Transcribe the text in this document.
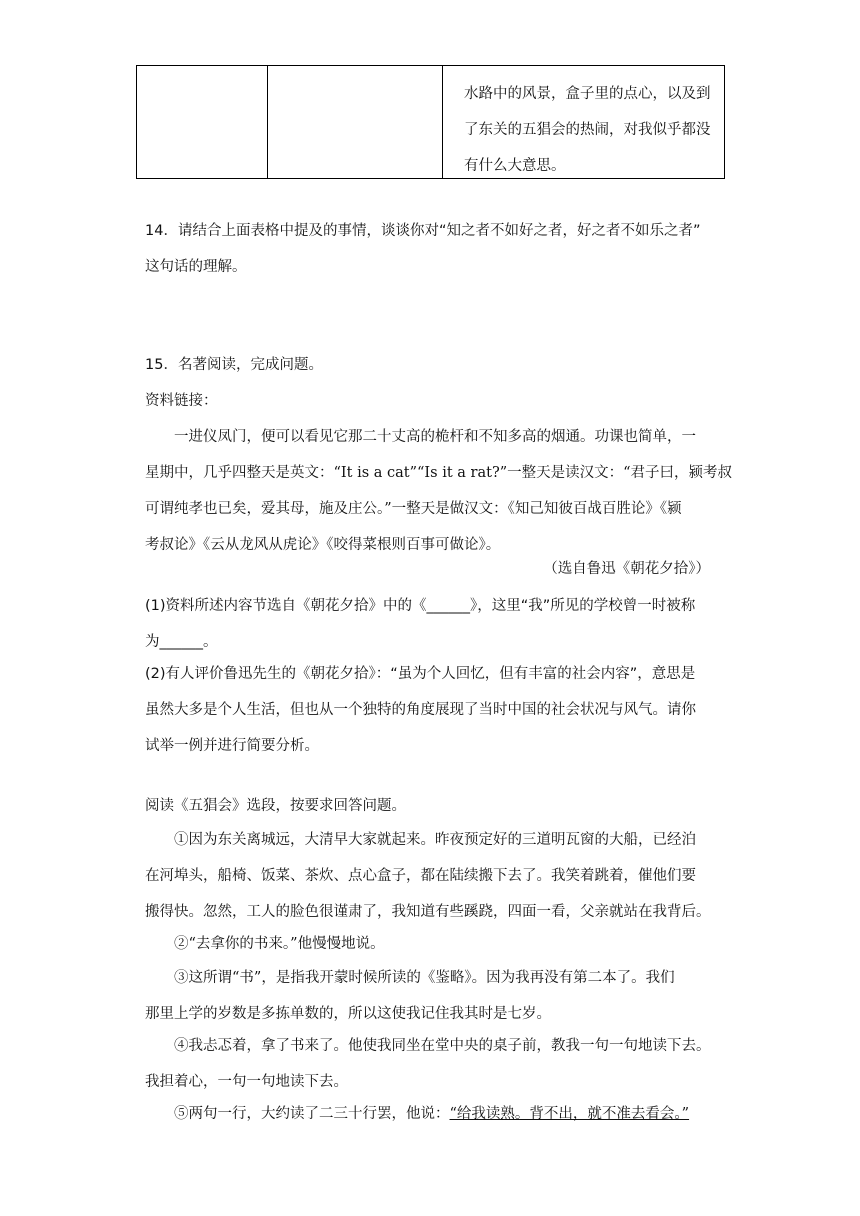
水路中的风景，盒子里的点心，以及到
了东关的五猖会的热闹，对我似乎都没
有什么大意思。
14．请结合上面表格中提及的事情，谈谈你对“知之者不如好之者，好之者不如乐之者”
这句话的理解。
15．名著阅读，完成问题。
资料链接：
一进仪凤门，便可以看见它那二十丈高的桅杆和不知多高的烟通。功课也简单，一
星期中，几乎四整天是英文：“It is a cat”“Is it a rat?”一整天是读汉文：“君子曰，颍考叔
可谓纯孝也已矣，爱其母，施及庄公。”一整天是做汉文：《知己知彼百战百胜论》《颍
考叔论》《云从龙风从虎论》《咬得菜根则百事可做论》。
（选自鲁迅《朝花夕拾》）
(1)资料所述内容节选自《朝花夕拾》中的《______》，这里“我”所见的学校曾一时被称
为______。
(2)有人评价鲁迅先生的《朝花夕拾》：“虽为个人回忆，但有丰富的社会内容”，意思是
虽然大多是个人生活，但也从一个独特的角度展现了当时中国的社会状况与风气。请你
试举一例并进行简要分析。
阅读《五猖会》选段，按要求回答问题。
①因为东关离城远，大清早大家就起来。昨夜预定好的三道明瓦窗的大船，已经泊
在河埠头，船椅、饭菜、茶炊、点心盒子，都在陆续搬下去了。我笑着跳着，催他们要
搬得快。忽然，工人的脸色很谨肃了，我知道有些蹊跷，四面一看，父亲就站在我背后。
②“去拿你的书来。”他慢慢地说。
③这所谓“书”，是指我开蒙时候所读的《鉴略》。因为我再没有第二本了。我们
那里上学的岁数是多拣单数的，所以这使我记住我其时是七岁。
④我忐忑着，拿了书来了。他使我同坐在堂中央的桌子前，教我一句一句地读下去。
我担着心，一句一句地读下去。
⑤两句一行，大约读了二三十行罢，他说：“给我读熟。背不出，就不准去看会。”
